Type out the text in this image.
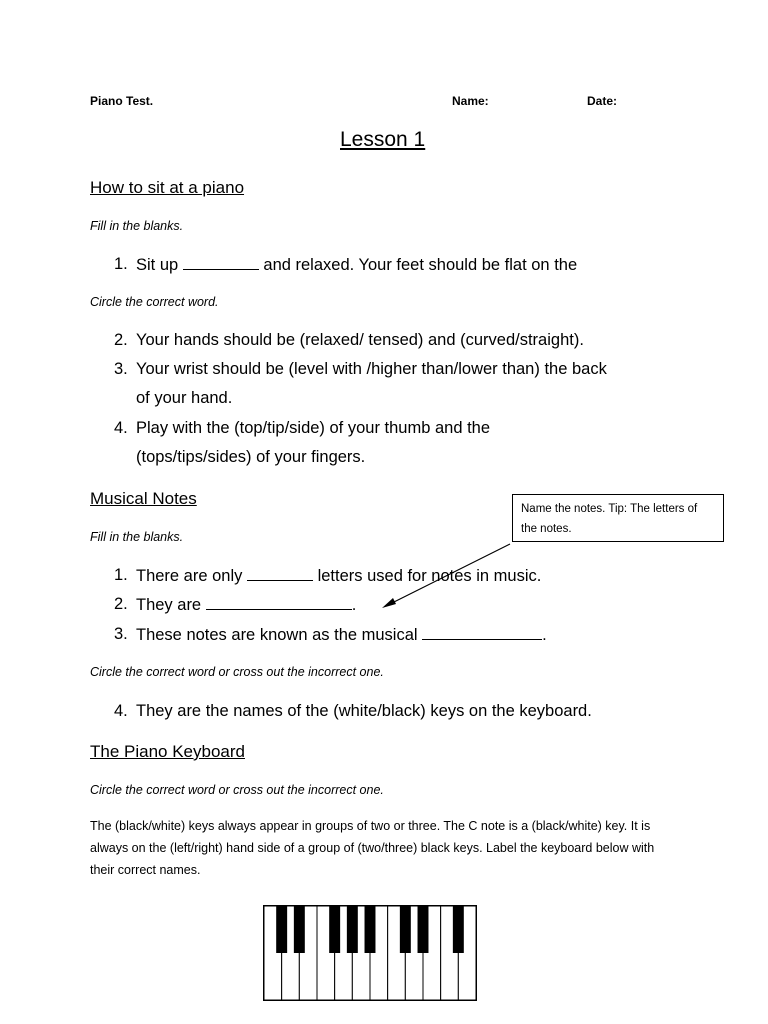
Piano Test.	Name:	Date:
Lesson 1
How to sit at a piano
Fill in the blanks.
1. Sit up	and relaxed. Your feet should be flat on the
Circle the correct word.
2. Your hands should be (relaxed/ tensed) and (curved/straight).
3. Your wrist should be (level with /higher than/lower than) the back
of your hand.
4. Play with the (top/tip/side) of your thumb and the
(tops/tips/sides) of your fingers.
Musical Notes
Name the notes. Tip: The letters of the notes.
Fill in the blanks.
1. There are only	letters used for notes in music.
2. They are	.
3. These notes are known as the musical	.
Circle the correct word or cross out the incorrect one.
4. They are the names of the (white/black) keys on the keyboard.
The Piano Keyboard
Circle the correct word or cross out the incorrect one.
The (black/white) keys always appear in groups of two or three. The C note is a (black/white) key. It is always on the (left/right) hand side of a group of (two/three) black keys. Label the keyboard below with their correct names.
